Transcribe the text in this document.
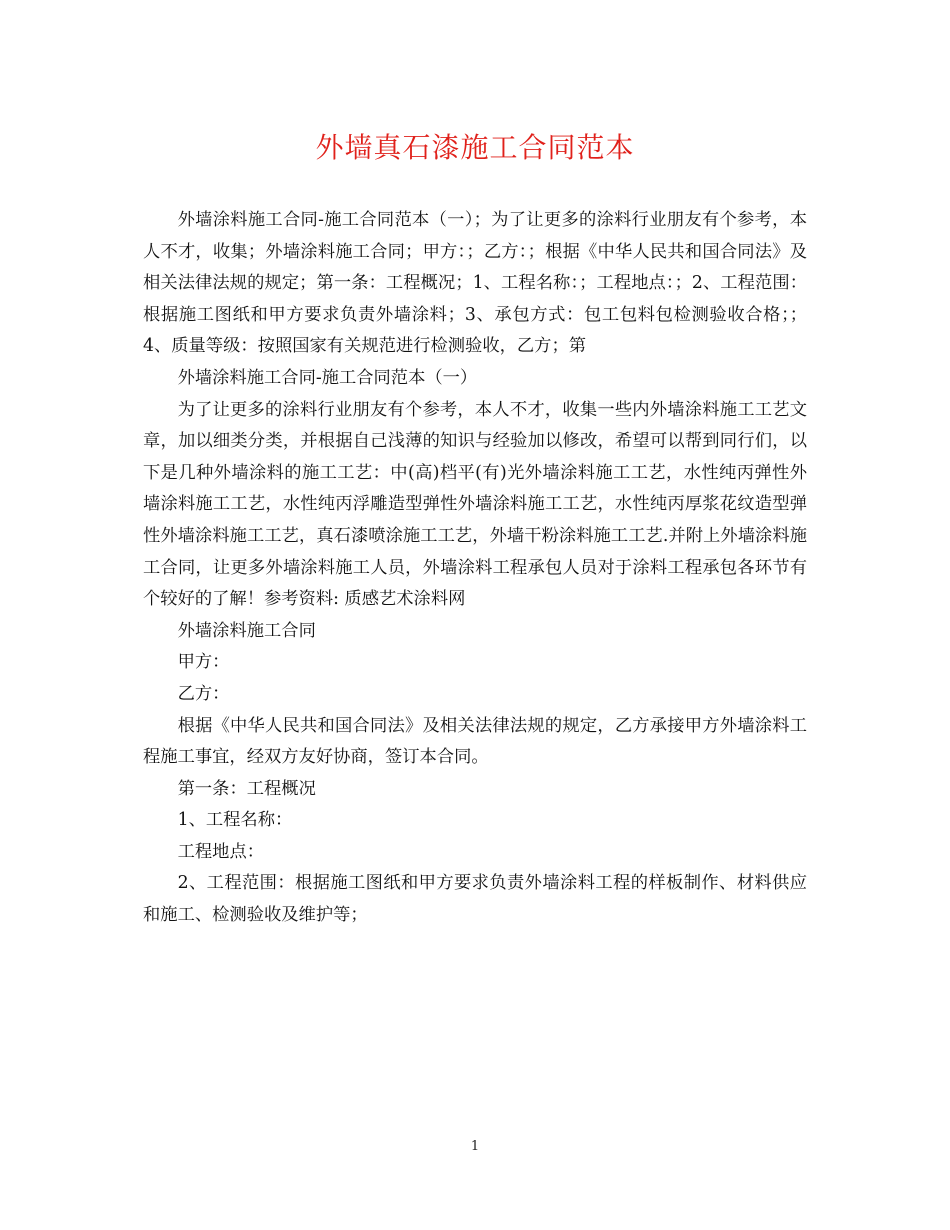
外墙真石漆施工合同范本

外墙涂料施工合同-施工合同范本（一）；为了让更多的涂料行业朋友有个参考，本人不才，收集；外墙涂料施工合同；甲方：；乙方：；根据《中华人民共和国合同法》及相关法律法规的规定；第一条：工程概况；1、工程名称：；工程地点：；2、工程范围：根据施工图纸和甲方要求负责外墙涂料；3、承包方式：包工包料包检测验收合格；；4、质量等级：按照国家有关规范进行检测验收，乙方；第

外墙涂料施工合同-施工合同范本（一）

为了让更多的涂料行业朋友有个参考，本人不才，收集一些内外墙涂料施工工艺文章，加以细类分类，并根据自己浅薄的知识与经验加以修改，希望可以帮到同行们，以下是几种外墙涂料的施工工艺：中(高)档平(有)光外墙涂料施工工艺，水性纯丙弹性外墙涂料施工工艺，水性纯丙浮雕造型弹性外墙涂料施工工艺，水性纯丙厚浆花纹造型弹性外墙涂料施工工艺，真石漆喷涂施工工艺，外墙干粉涂料施工工艺.并附上外墙涂料施工合同，让更多外墙涂料施工人员，外墙涂料工程承包人员对于涂料工程承包各环节有个较好的了解！参考资料: 质感艺术涂料网

外墙涂料施工合同

甲方：

乙方：

根据《中华人民共和国合同法》及相关法律法规的规定，乙方承接甲方外墙涂料工程施工事宜，经双方友好协商，签订本合同。

第一条：工程概况

1、工程名称：

工程地点：

2、工程范围：根据施工图纸和甲方要求负责外墙涂料工程的样板制作、材料供应和施工、检测验收及维护等；

1
